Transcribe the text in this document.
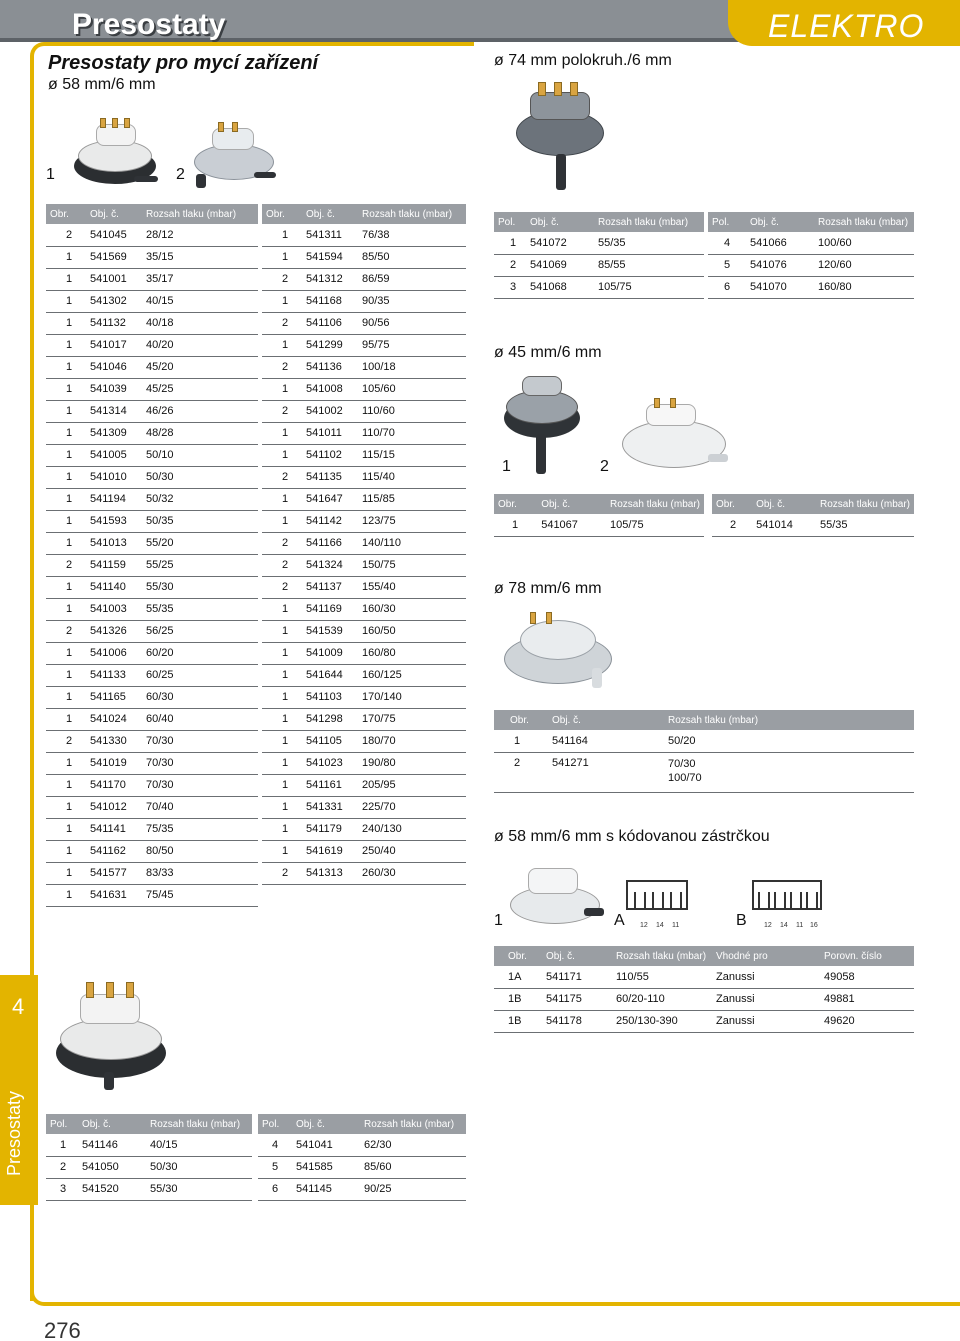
Presostaty	ELEKTRO
4
Presostaty
Presostaty pro mycí zařízení
ø 58 mm/6 mm
1	2
Obr.	Obj. č.	Rozsah tlaku (mbar)
2	541045	28/12
1	541569	35/15
1	541001	35/17
1	541302	40/15
1	541132	40/18
1	541017	40/20
1	541046	45/20
1	541039	45/25
1	541314	46/26
1	541309	48/28
1	541005	50/10
1	541010	50/30
1	541194	50/32
1	541593	50/35
1	541013	55/20
2	541159	55/25
1	541140	55/30
1	541003	55/35
2	541326	56/25
1	541006	60/20
1	541133	60/25
1	541165	60/30
1	541024	60/40
2	541330	70/30
1	541019	70/30
1	541170	70/30
1	541012	70/40
1	541141	75/35
1	541162	80/50
1	541577	83/33
1	541631	75/45
Obr.	Obj. č.	Rozsah tlaku (mbar)
1	541311	76/38
1	541594	85/50
2	541312	86/59
1	541168	90/35
2	541106	90/56
1	541299	95/75
2	541136	100/18
1	541008	105/60
2	541002	110/60
1	541011	110/70
1	541102	115/15
2	541135	115/40
1	541647	115/85
1	541142	123/75
2	541166	140/110
2	541324	150/75
2	541137	155/40
1	541169	160/30
1	541539	160/50
1	541009	160/80
1	541644	160/125
1	541103	170/140
1	541298	170/75
1	541105	180/70
1	541023	190/80
1	541161	205/95
1	541331	225/70
1	541179	240/130
1	541619	250/40
2	541313	260/30
Pol.	Obj. č.	Rozsah tlaku (mbar)
1	541146	40/15
2	541050	50/30
3	541520	55/30
Pol.	Obj. č.	Rozsah tlaku (mbar)
4	541041	62/30
5	541585	85/60
6	541145	90/25
ø 74 mm polokruh./6 mm
Pol.	Obj. č.	Rozsah tlaku (mbar)
1	541072	55/35
2	541069	85/55
3	541068	105/75
Pol.	Obj. č.	Rozsah tlaku (mbar)
4	541066	100/60
5	541076	120/60
6	541070	160/80
ø 45 mm/6 mm
1	2
Obr.	Obj. č.	Rozsah tlaku (mbar)
1	541067	105/75
Obr.	Obj. č.	Rozsah tlaku (mbar)
2	541014	55/35
ø 78 mm/6 mm
Obr.	Obj. č.	Rozsah tlaku (mbar)
1	541164	50/20
2	541271	70/30
100/70
ø 58 mm/6 mm s kódovanou zástrčkou
1	12 14 11
A	12 14 11 16
B
Obr.	Obj. č.	Rozsah tlaku (mbar)	Vhodné pro	Porovn. číslo
1A	541171	110/55	Zanussi	49058
1B	541175	60/20-110	Zanussi	49881
1B	541178	250/130-390	Zanussi	49620
276
